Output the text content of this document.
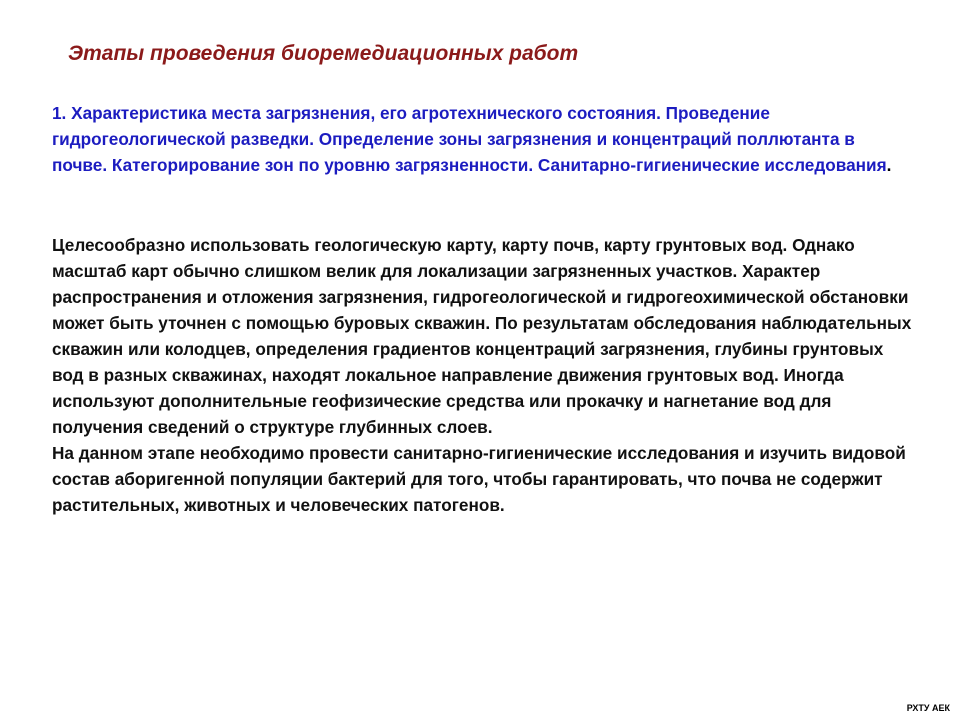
Этапы проведения биоремедиационных работ

1. Характеристика места загрязнения, его агротехнического состояния. Проведение гидрогеологической разведки. Определение зоны загрязнения и концентраций поллютанта в почве. Категорирование зон по уровню загрязненности. Санитарно-гигиенические исследования.

Целесообразно использовать геологическую карту, карту почв, карту грунтовых вод. Однако масштаб карт обычно слишком велик для локализации загрязненных участков. Характер распространения и отложения загрязнения, гидрогеологической и гидрогеохимической обстановки может быть уточнен с помощью буровых скважин. По результатам обследования наблюдательных скважин или колодцев, определения градиентов концентраций загрязнения, глубины грунтовых вод в разных скважинах, находят локальное направление движения грунтовых вод. Иногда используют дополнительные геофизические средства или прокачку и нагнетание вод для получения сведений о структуре глубинных слоев.

На данном этапе необходимо провести санитарно-гигиенические исследования и изучить видовой состав аборигенной популяции бактерий для того, чтобы гарантировать, что почва не содержит растительных, животных и человеческих патогенов.

РХТУ АЕК
